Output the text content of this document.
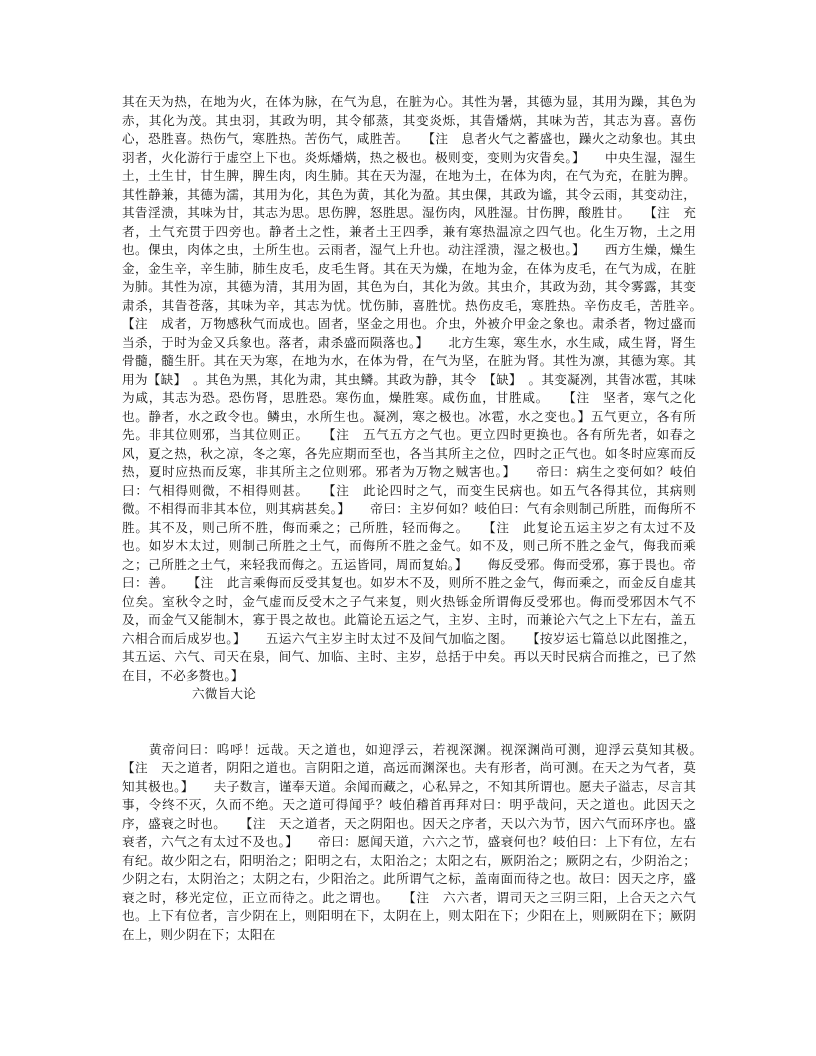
其在天为热，在地为火，在体为脉，在气为息，在脏为心。其性为暑，其德为显，其用为躁，其色为赤，其化为茂。其虫羽，其政为明，其令郁蒸，其变炎烁，其眚燔焫，其味为苦，其志为喜。喜伤心，恐胜喜。热伤气，寒胜热。苦伤气，咸胜苦。　　【注　息者火气之蓄盛也，躁火之动象也。其虫羽者，火化游行于虚空上下也。炎烁燔焫，热之极也。极则变，变则为灾眚矣。】　　中央生湿，湿生土，土生甘，甘生脾，脾生肉，肉生肺。其在天为湿，在地为土，在体为肉，在气为充，在脏为脾。其性静兼，其德为濡，其用为化，其色为黄，其化为盈。其虫倮，其政为谧，其令云雨，其变动注，其眚淫溃，其味为甘，其志为思。思伤脾，怒胜思。湿伤肉，风胜湿。甘伤脾，酸胜甘。　　【注　充者，土气充贯于四旁也。静者土之性，兼者土王四季，兼有寒热温凉之四气也。化生万物，土之用也。倮虫，肉体之虫，土所生也。云雨者，湿气上升也。动注淫溃，湿之极也。】　　西方生燥，燥生金，金生辛，辛生肺，肺生皮毛，皮毛生肾。其在天为燥，在地为金，在体为皮毛，在气为成，在脏为肺。其性为凉，其德为清，其用为固，其色为白，其化为敛。其虫介，其政为劲，其令雾露，其变肃杀，其眚苍落，其味为辛，其志为忧。忧伤肺，喜胜忧。热伤皮毛，寒胜热。辛伤皮毛，苦胜辛。　　【注　成者，万物感秋气而成也。固者，坚金之用也。介虫，外被介甲金之象也。肃杀者，物过盛而当杀，于时为金又兵象也。落者，肃杀盛而陨落也。】　　北方生寒，寒生水，水生咸，咸生肾，肾生骨髓，髓生肝。其在天为寒，在地为水，在体为骨，在气为坚，在脏为肾。其性为凛，其德为寒。其用为【缺】　。其色为黑，其化为肃，其虫鳞。其政为静，其令　【缺】　。其变凝冽，其眚冰雹，其味为咸，其志为恐。恐伤肾，思胜恐。寒伤血，燥胜寒。咸伤血，甘胜咸。　　【注　坚者，寒气之化也。静者，水之政令也。鳞虫，水所生也。凝冽，寒之极也。冰雹，水之变也。】五气更立，各有所先。非其位则邪，当其位则正。　　【注　五气五方之气也。更立四时更换也。各有所先者，如春之风，夏之热，秋之凉，冬之寒，各先应期而至也，各当其所主之位，四时之正气也。如冬时应寒而反热，夏时应热而反寒，非其所主之位则邪。邪者为万物之贼害也。】　　帝曰：病生之变何如？岐伯曰：气相得则微，不相得则甚。　　【注　此论四时之气，而变生民病也。如五气各得其位，其病则微。不相得而非其本位，则其病甚矣。】　　帝曰：主岁何如？岐伯曰：气有余则制己所胜，而侮所不胜。其不及，则己所不胜，侮而乘之；己所胜，轻而侮之。　　【注　此复论五运主岁之有太过不及也。如岁木太过，则制己所胜之土气，而侮所不胜之金气。如不及，则己所不胜之金气，侮我而乘之；己所胜之土气，来轻我而侮之。五运皆同，周而复始。】　　侮反受邪。侮而受邪，寡于畏也。帝曰：善。　　【注　此言乘侮而反受其复也。如岁木不及，则所不胜之金气，侮而乘之，而金反自虚其位矣。室秋令之时，金气虚而反受木之子气来复，则火热铄金所谓侮反受邪也。侮而受邪因木气不及，而金气又能制木，寡于畏之故也。此篇论五运之气，主岁、主时，而兼论六气之上下左右，盖五六相合而后成岁也。】　　五运六气主岁主时太过不及间气加临之图。　　【按岁运七篇总以此图推之，其五运、六气、司天在泉，间气、加临、主时、主岁，总括于中矣。再以天时民病合而推之，已了然在目，不必多赘也。】

六微旨大论

　　黄帝问曰：呜呼！远哉。天之道也，如迎浮云，若视深渊。视深渊尚可测，迎浮云莫知其极。　　【注　天之道者，阴阳之道也。言阴阳之道，高远而渊深也。夫有形者，尚可测。在天之为气者，莫知其极也。】　　夫子数言，谨奉天道。余闻而藏之，心私异之，不知其所谓也。愿夫子溢志，尽言其事，令终不灭，久而不绝。天之道可得闻乎？岐伯稽首再拜对曰：明乎哉问，天之道也。此因天之序，盛衰之时也。　　【注　天之道者，天之阴阳也。因天之序者，天以六为节，因六气而环序也。盛衰者，六气之有太过不及也。】　　帝曰：愿闻天道，六六之节，盛衰何也？岐伯曰：上下有位，左右有纪。故少阳之右，阳明治之；阳明之右，太阳治之；太阳之右，厥阴治之；厥阴之右，少阴治之；少阴之右，太阴治之；太阴之右，少阳治之。此所谓气之标，盖南面而待之也。故曰：因天之序，盛衰之时，移光定位，正立而待之。此之谓也。　　【注　六六者，谓司天之三阴三阳，上合天之六气也。上下有位者，言少阴在上，则阳明在下，太阴在上，则太阳在下；少阳在上，则厥阴在下；厥阴在上，则少阴在下；太阳在
